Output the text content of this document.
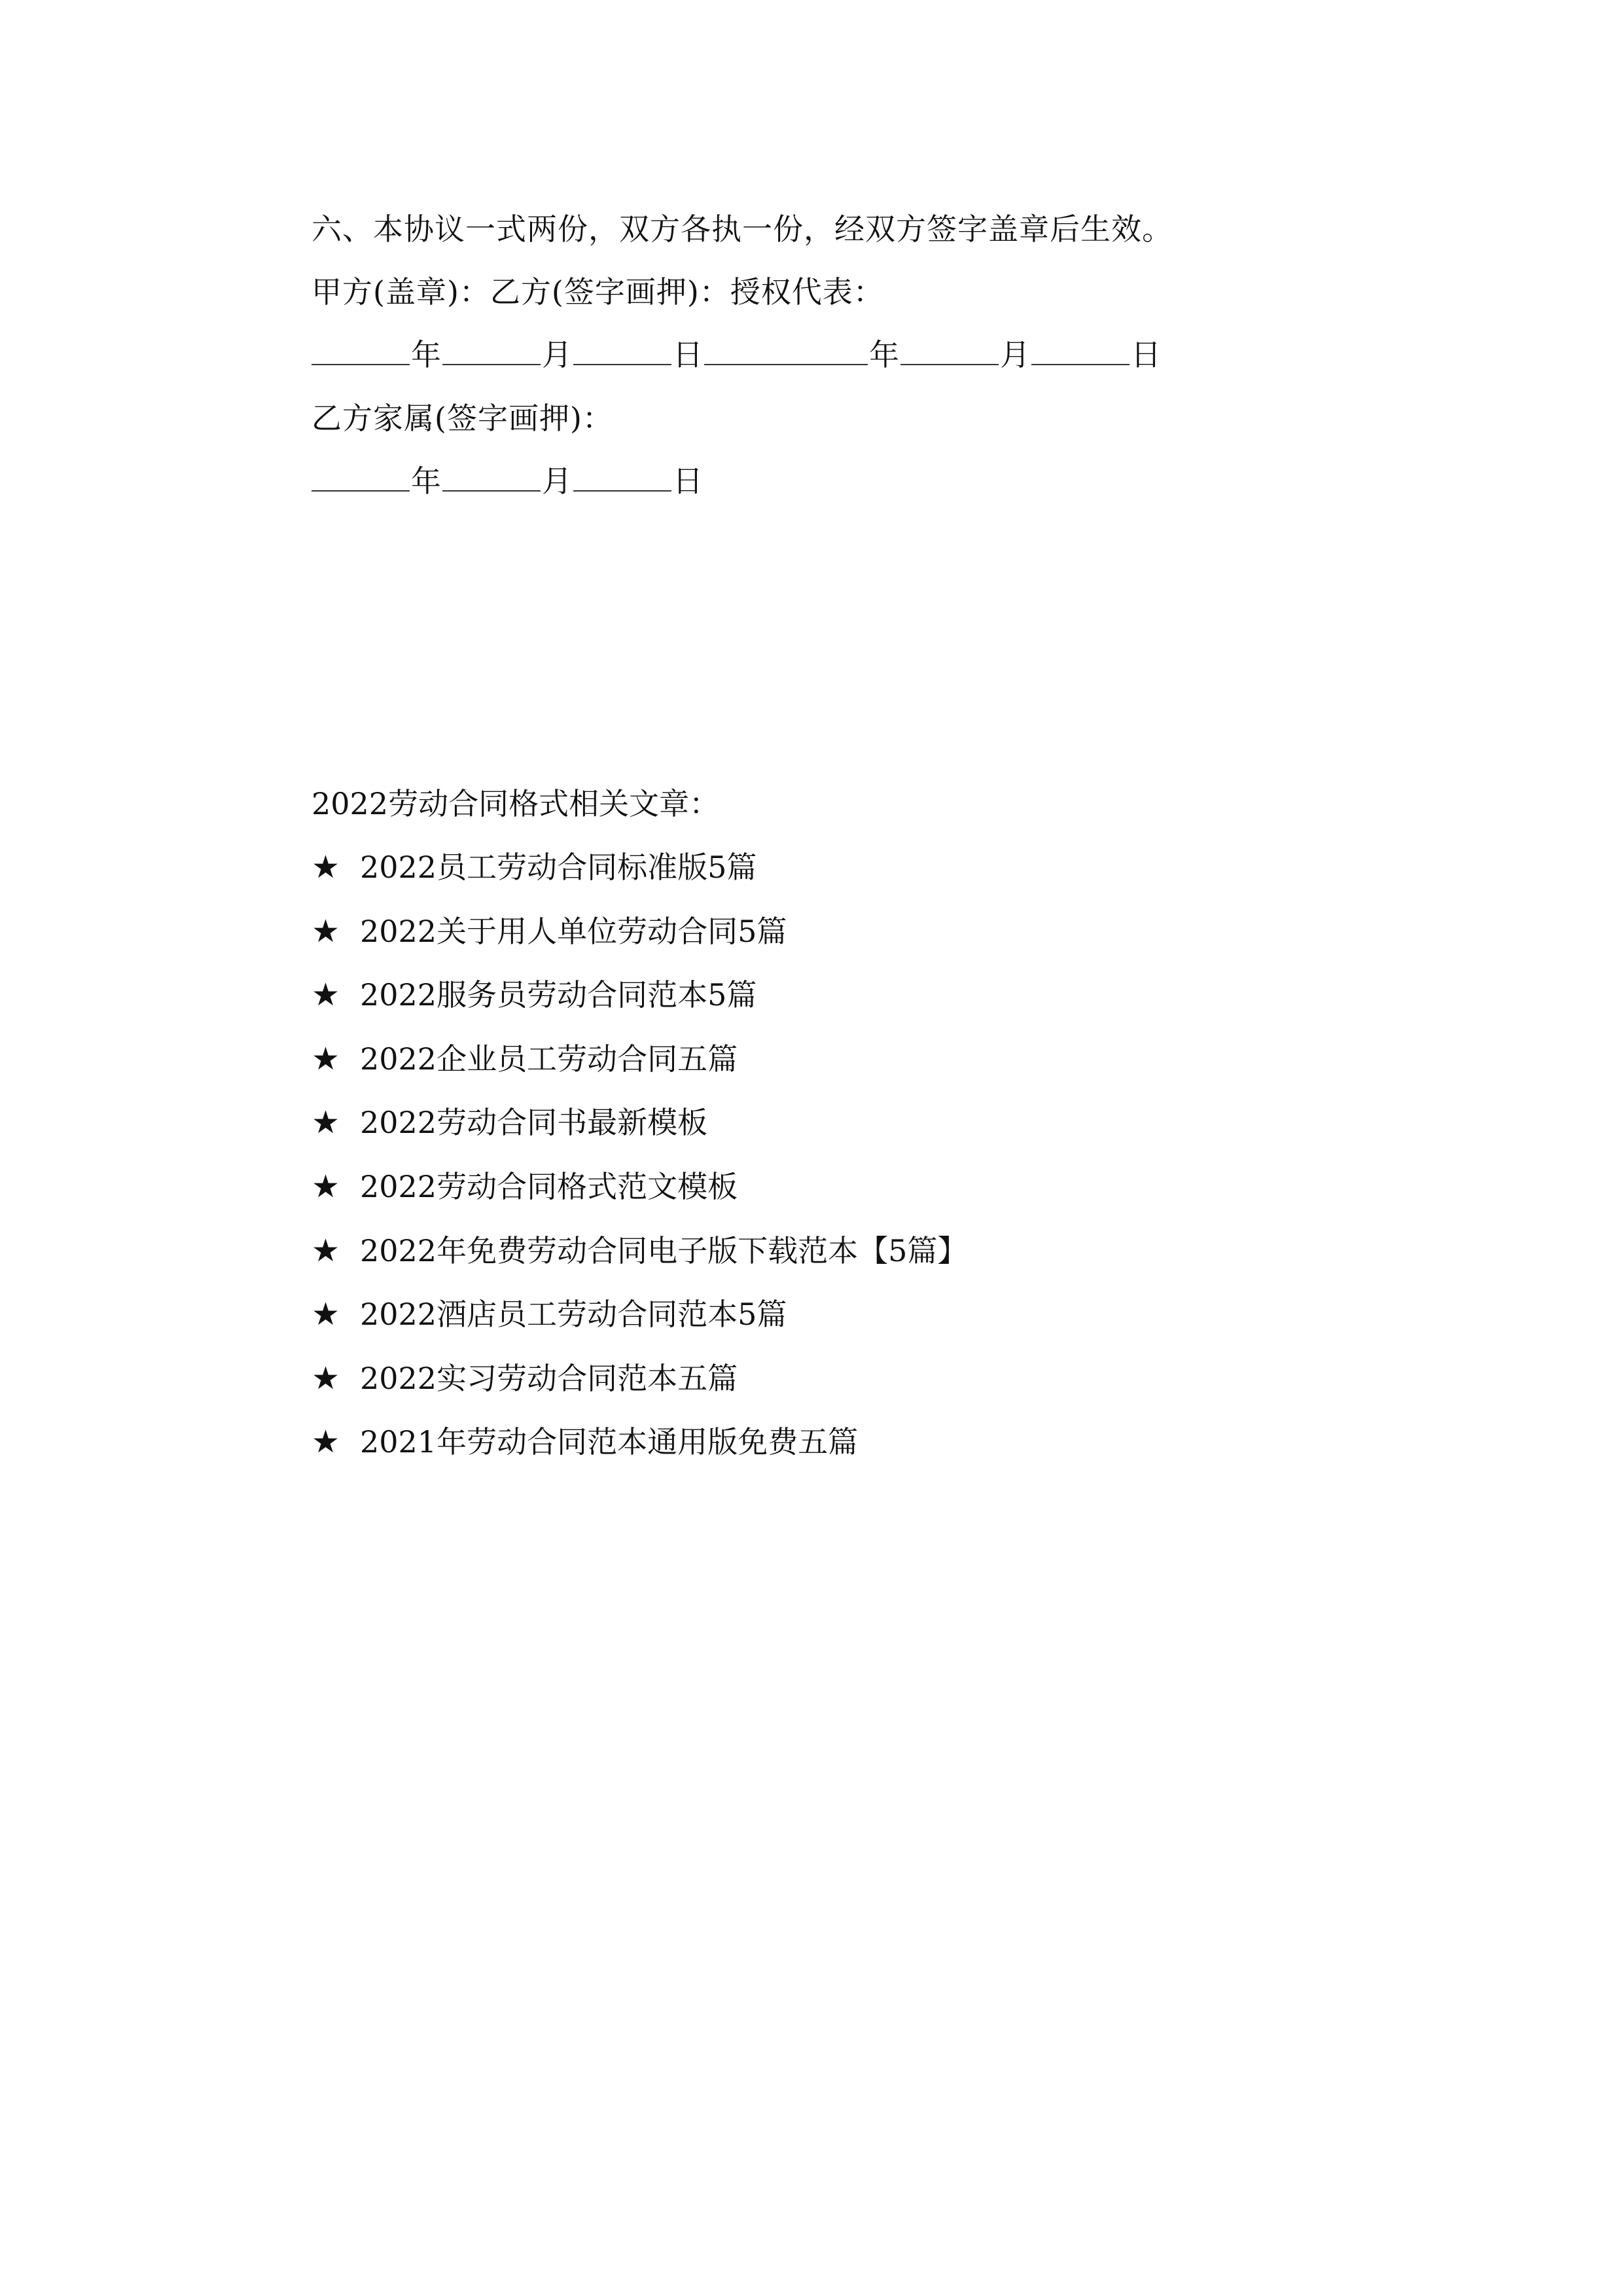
六、本协议一式两份，双方各执一份，经双方签字盖章后生效。
甲方(盖章)：乙方(签字画押)：授权代表：
年	月	日	年	月	日
乙方家属(签字画押)：
年	月	日
2022劳动合同格式相关文章：
★ 2022员工劳动合同标准版5篇
★ 2022关于用人单位劳动合同5篇
★ 2022服务员劳动合同范本5篇
★ 2022企业员工劳动合同五篇
★ 2022劳动合同书最新模板
★ 2022劳动合同格式范文模板
★ 2022年免费劳动合同电子版下载范本【5篇】
★ 2022酒店员工劳动合同范本5篇
★ 2022实习劳动合同范本五篇
★ 2021年劳动合同范本通用版免费五篇
